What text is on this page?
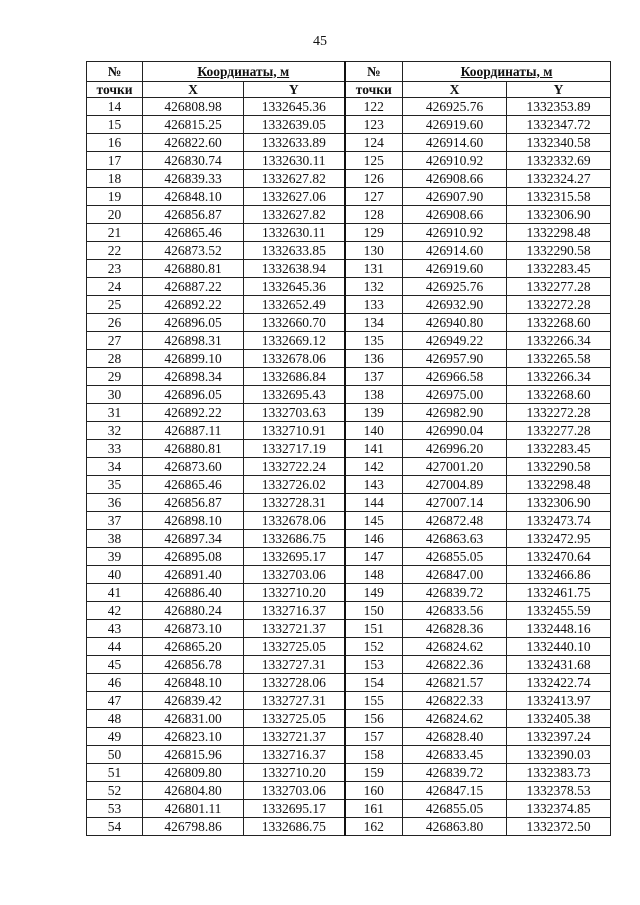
45
№	Координаты, м		№	Координаты, м	
точки	X	Y	точки	X	Y
14	426808.98	1332645.36	122	426925.76	1332353.89
15	426815.25	1332639.05	123	426919.60	1332347.72
16	426822.60	1332633.89	124	426914.60	1332340.58
17	426830.74	1332630.11	125	426910.92	1332332.69
18	426839.33	1332627.82	126	426908.66	1332324.27
19	426848.10	1332627.06	127	426907.90	1332315.58
20	426856.87	1332627.82	128	426908.66	1332306.90
21	426865.46	1332630.11	129	426910.92	1332298.48
22	426873.52	1332633.85	130	426914.60	1332290.58
23	426880.81	1332638.94	131	426919.60	1332283.45
24	426887.22	1332645.36	132	426925.76	1332277.28
25	426892.22	1332652.49	133	426932.90	1332272.28
26	426896.05	1332660.70	134	426940.80	1332268.60
27	426898.31	1332669.12	135	426949.22	1332266.34
28	426899.10	1332678.06	136	426957.90	1332265.58
29	426898.34	1332686.84	137	426966.58	1332266.34
30	426896.05	1332695.43	138	426975.00	1332268.60
31	426892.22	1332703.63	139	426982.90	1332272.28
32	426887.11	1332710.91	140	426990.04	1332277.28
33	426880.81	1332717.19	141	426996.20	1332283.45
34	426873.60	1332722.24	142	427001.20	1332290.58
35	426865.46	1332726.02	143	427004.89	1332298.48
36	426856.87	1332728.31	144	427007.14	1332306.90
37	426898.10	1332678.06	145	426872.48	1332473.74
38	426897.34	1332686.75	146	426863.63	1332472.95
39	426895.08	1332695.17	147	426855.05	1332470.64
40	426891.40	1332703.06	148	426847.00	1332466.86
41	426886.40	1332710.20	149	426839.72	1332461.75
42	426880.24	1332716.37	150	426833.56	1332455.59
43	426873.10	1332721.37	151	426828.36	1332448.16
44	426865.20	1332725.05	152	426824.62	1332440.10
45	426856.78	1332727.31	153	426822.36	1332431.68
46	426848.10	1332728.06	154	426821.57	1332422.74
47	426839.42	1332727.31	155	426822.33	1332413.97
48	426831.00	1332725.05	156	426824.62	1332405.38
49	426823.10	1332721.37	157	426828.40	1332397.24
50	426815.96	1332716.37	158	426833.45	1332390.03
51	426809.80	1332710.20	159	426839.72	1332383.73
52	426804.80	1332703.06	160	426847.15	1332378.53
53	426801.11	1332695.17	161	426855.05	1332374.85
54	426798.86	1332686.75	162	426863.80	1332372.50
